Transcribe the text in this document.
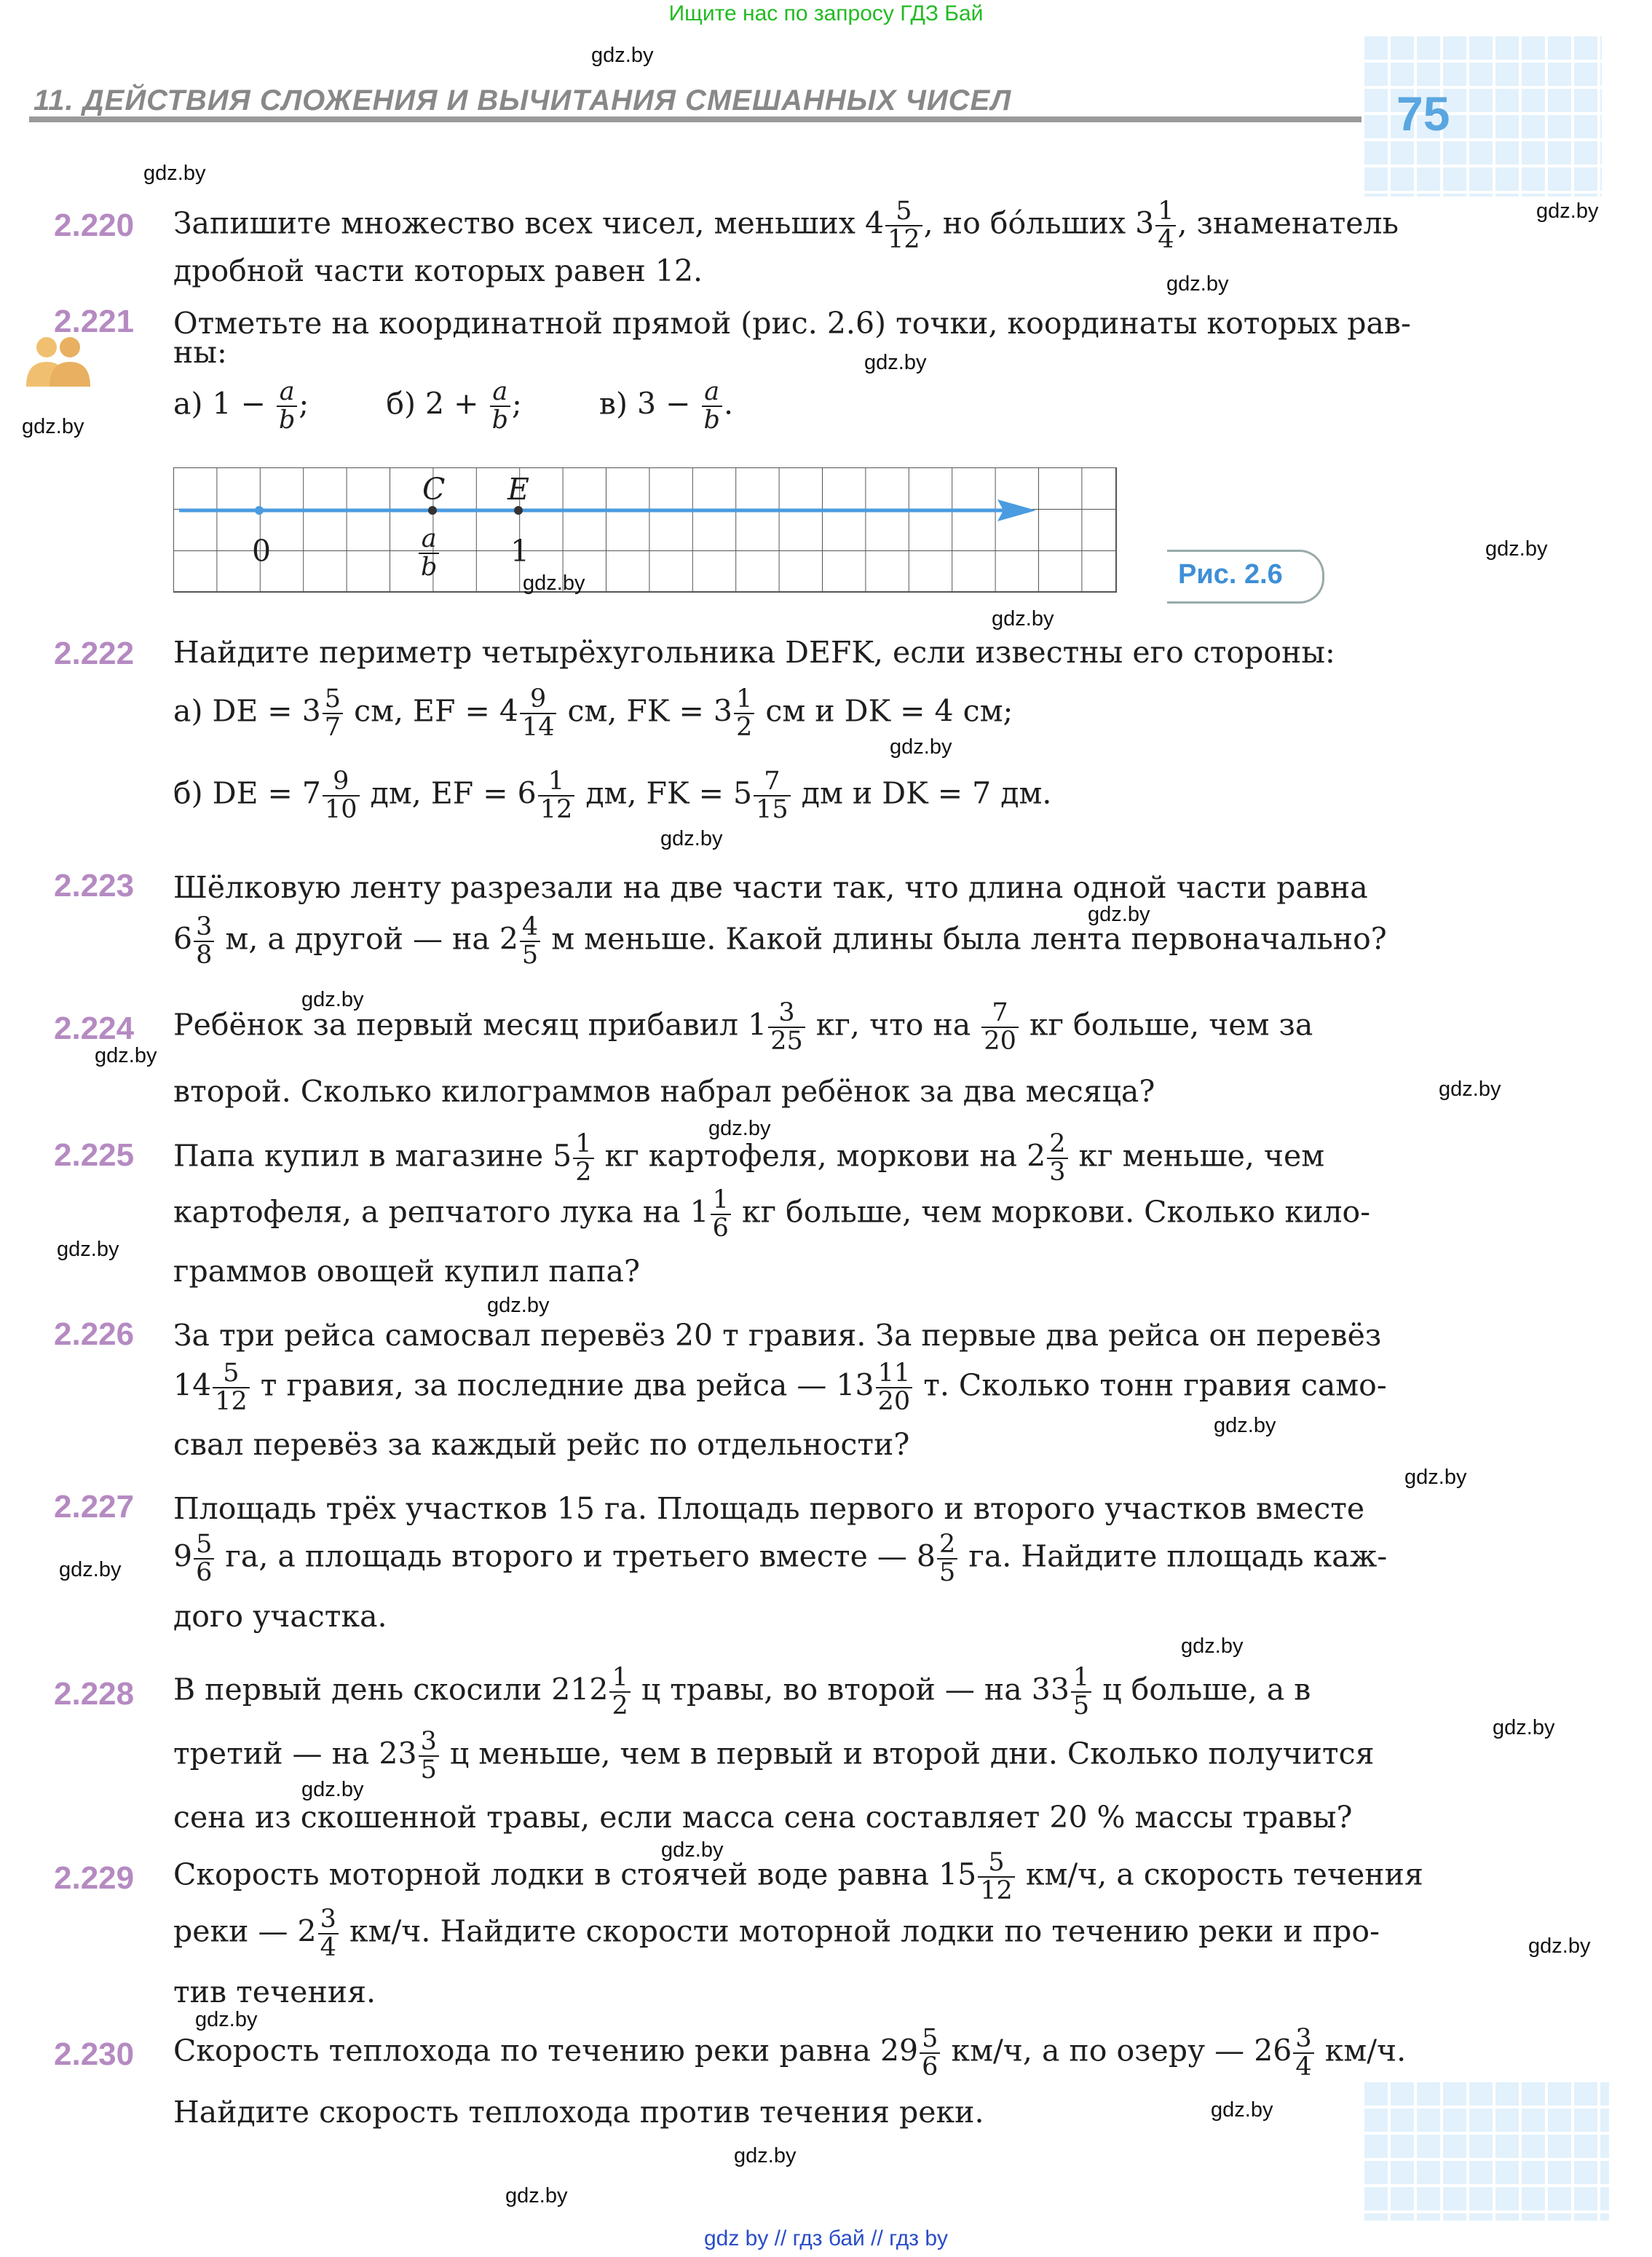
Ищите нас по запросу ГДЗ Бай
gdz by // гдз бай // гдз by
11. ДЕЙСТВИЯ СЛОЖЕНИЯ И ВЫЧИТАНИЯ СМЕШАННЫХ ЧИСЕЛ	75
2.220 Запишите множество всех чисел, меньших $4 \frac{5}{12}$ , но бо́льших $3 \frac{1}{4}$ , знаменатель
дробной части которых равен 12.
2.221 Отметьте на координатной прямой (рис. 2.6) точки, координаты которых рав-
ны:
а) $1 - \frac{a}{b}$ ;	б) $2 + \frac{a}{b}$ ;	в) $3 - \frac{a}{b}$ .
C E
0	1
$\frac{a}{b}$	Рис. 2.6
2.222 Найдите периметр четырёхугольника DEFK, если известны его стороны:
а) DE = $3 \frac{5}{7}$ см, EF = $4 \frac{9}{14}$ см, FK = $3 \frac{1}{2}$ см и DK = 4 см;
б) DE = $7 \frac{9}{10}$ дм, EF = $6 \frac{1}{12}$ дм, FK = $5 \frac{7}{15}$ дм и DK = 7 дм.
2.223 Шёлковую ленту разрезали на две части так, что длина одной части равна
$6 \frac{3}{8} м$, а другой — на $2 \frac{4}{5}$ м меньше. Какой длины была лента первоначально?
2.224 Ребёнок за первый месяц прибавил $1 \frac{3}{25}$ кг, что на $\frac{7}{20}$ кг больше, чем за
второй. Сколько килограммов набрал ребёнок за два месяца?
2.225 Папа купил в магазине $5 \frac{1}{2}$ кг картофеля, моркови на $2 \frac{2}{3}$ кг меньше, чем
картофеля, а репчатого лука на $1 \frac{1}{6}$ кг больше, чем моркови. Сколько кило-
граммов овощей купил папа?
2.226 За три рейса самосвал перевёз 20 т гравия. За первые два рейса он перевёз
$14 \frac{5}{12}$ т гравия, за последние два рейса — $13 \frac{11}{20} т$. Сколько тонн гравия само-
свал перевёз за каждый рейс по отдельности?
2.227 Площадь трёх участков 15 га. Площадь первого и второго участков вместе
$9 \frac{5}{6}$ га, а площадь второго и третьего вместе — $8 \frac{2}{5}$ га. Найдите площадь каж-
дого участка.
2.228 В первый день скосили $212 \frac{1}{2}$ ц травы, во второй — на $33 \frac{1}{5}$ ц больше, а в
третий — на $23 \frac{3}{5}$ ц меньше, чем в первый и второй дни. Сколько получится
сена из скошенной травы, если масса сена составляет 20 % массы травы?
2.229 Скорость моторной лодки в стоячей воде равна $15 \frac{5}{12} км/ч$, а скорость течения
реки — $2 \frac{3}{4} км/ч$. Найдите скорости моторной лодки по течению реки и про-
тив течения.
2.230 Скорость теплохода по течению реки равна $29 \frac{5}{6} км/ч$, а по озеру — $26 \frac{3}{4} км/ч$.
Найдите скорость теплохода против течения реки.
gdz.by
gdz.by
gdz.by
gdz.by
gdz.by
gdz.by
gdz.by
gdz.by
gdz.by
gdz.by
gdz.by
gdz.by
gdz.by
gdz.by
gdz.by
gdz.by
gdz.by
gdz.by
gdz.by
gdz.by
gdz.by
gdz.by
gdz.by
gdz.by
gdz.by
gdz.by
gdz.by
gdz.by
gdz.by
gdz.by
